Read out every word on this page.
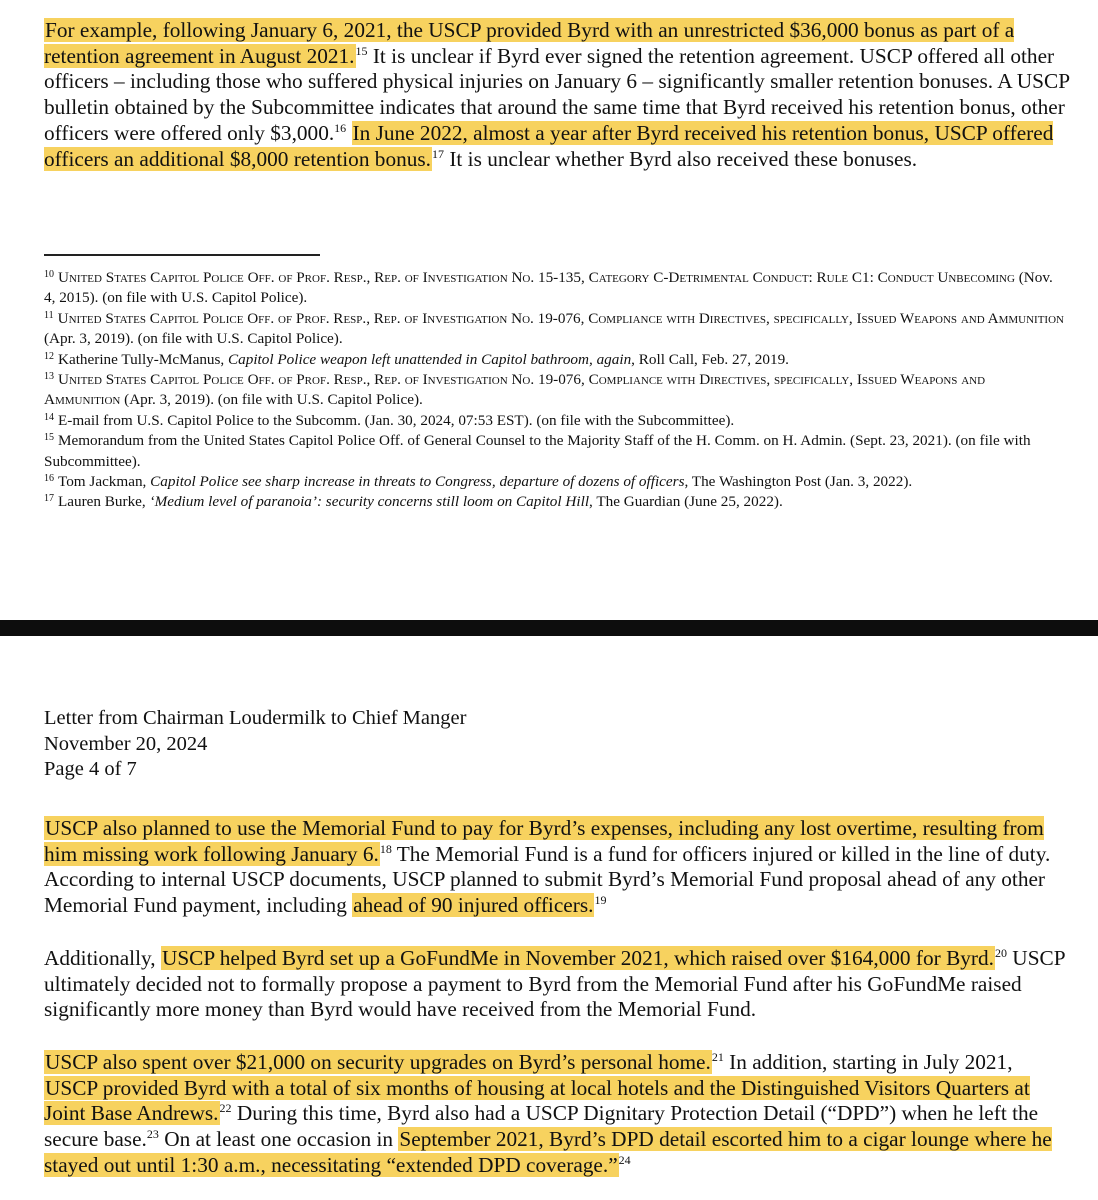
For example, following January 6, 2021, the USCP provided Byrd with an unrestricted $36,000 bonus as part of a retention agreement in August 2021.15 It is unclear if Byrd ever signed the retention agreement. USCP offered all other officers – including those who suffered physical injuries on January 6 – significantly smaller retention bonuses. A USCP bulletin obtained by the Subcommittee indicates that around the same time that Byrd received his retention bonus, other officers were offered only $3,000.16 In June 2022, almost a year after Byrd received his retention bonus, USCP offered officers an additional $8,000 retention bonus.$^{17}$ It is unclear whether Byrd also received these bonuses.

$^{10}$ United States Capitol Police Off. of Prof. Resp., Rep. of Investigation No. 15-135, Category C-Detrimental Conduct: Rule C1: Conduct Unbecoming (Nov. 4, 2015). (on file with U.S. Capitol Police).

$^{11}$ United States Capitol Police Off. of Prof. Resp., Rep. of Investigation No. 19-076, Compliance with Directives, specifically, Issued Weapons and Ammunition (Apr. 3, 2019). (on file with U.S. Capitol Police).

$^{12}$ Katherine Tully-McManus, Capitol Police weapon left unattended in Capitol bathroom, again, Roll Call, Feb. 27, 2019.

$^{13}$ United States Capitol Police Off. of Prof. Resp., Rep. of Investigation No. 19-076, Compliance with Directives, specifically, Issued Weapons and Ammunition (Apr. 3, 2019). (on file with U.S. Capitol Police).

$^{14}$ E-mail from U.S. Capitol Police to the Subcomm. (Jan. 30, 2024, 07:53 EST). (on file with the Subcommittee).

$^{15}$ Memorandum from the United States Capitol Police Off. of General Counsel to the Majority Staff of the H. Comm. on H. Admin. (Sept. 23, 2021). (on file with Subcommittee).

$^{16}$ Tom Jackman, Capitol Police see sharp increase in threats to Congress, departure of dozens of officers, The Washington Post (Jan. 3, 2022).

$^{17}$ Lauren Burke, ‘Medium level of paranoia’: security concerns still loom on Capitol Hill, The Guardian (June 25, 2022).

Letter from Chairman Loudermilk to Chief Manger
November 20, 2024
Page 4 of 7

USCP also planned to use the Memorial Fund to pay for Byrd’s expenses, including any lost overtime, resulting from him missing work following January 6.18 The Memorial Fund is a fund for officers injured or killed in the line of duty. According to internal USCP documents, USCP planned to submit Byrd’s Memorial Fund proposal ahead of any other Memorial Fund payment, including ahead of 90 injured officers.$^{19}$

Additionally, USCP helped Byrd set up a GoFundMe in November 2021, which raised over $164,000 for Byrd.$^{20}$ USCP ultimately decided not to formally propose a payment to Byrd from the Memorial Fund after his GoFundMe raised significantly more money than Byrd would have received from the Memorial Fund.

USCP also spent over $21,000 on security upgrades on Byrd’s personal home.$^{21}$ In addition, starting in July 2021, USCP provided Byrd with a total of six months of housing at local hotels and the Distinguished Visitors Quarters at Joint Base Andrews.$^{22}$ During this time, Byrd also had a USCP Dignitary Protection Detail (“DPD”) when he left the secure base.$^{23}$ On at least one occasion in September 2021, Byrd’s DPD detail escorted him to a cigar lounge where he stayed out until 1:30 a.m., necessitating “extended DPD coverage.”$^{24}$
